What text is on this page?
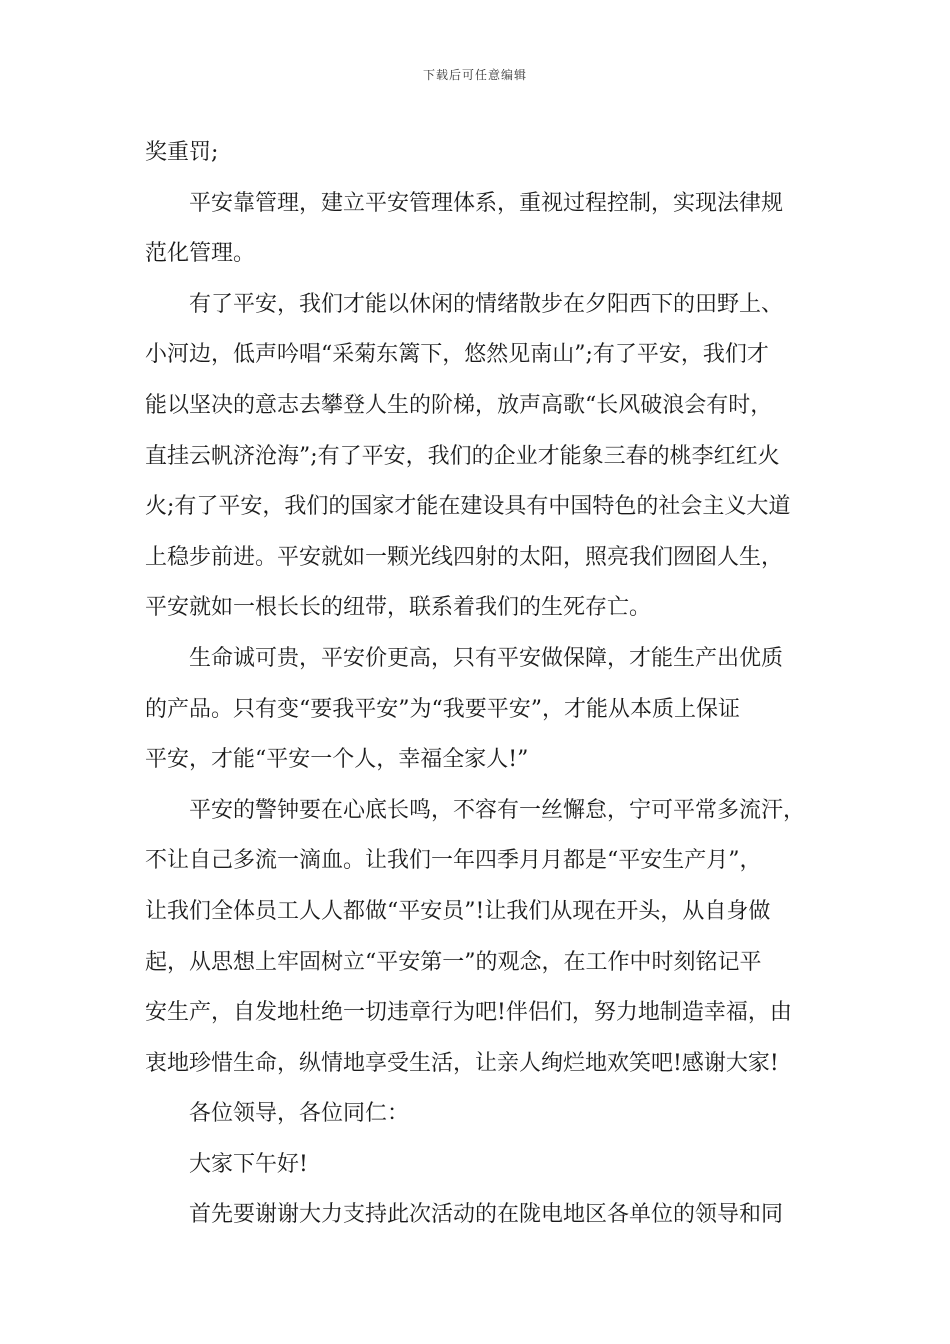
下载后可任意编辑
奖重罚;
平安靠管理，建立平安管理体系，重视过程控制，实现法律规
范化管理。
有了平安，我们才能以休闲的情绪散步在夕阳西下的田野上、
小河边，低声吟唱“采菊东篱下，悠然见南山”;有了平安，我们才
能以坚决的意志去攀登人生的阶梯，放声高歌“长风破浪会有时，
直挂云帆济沧海”;有了平安，我们的企业才能象三春的桃李红红火
火;有了平安，我们的国家才能在建设具有中国特色的社会主义大道
上稳步前进。平安就如一颗光线四射的太阳，照亮我们囫囵人生，
平安就如一根长长的纽带，联系着我们的生死存亡。
生命诚可贵，平安价更高，只有平安做保障，才能生产出优质
的产品。只有变“要我平安”为“我要平安”，才能从本质上保证
平安，才能“平安一个人，幸福全家人!”
平安的警钟要在心底长鸣，不容有一丝懈怠，宁可平常多流汗，
不让自己多流一滴血。让我们一年四季月月都是“平安生产月”，
让我们全体员工人人都做“平安员”!让我们从现在开头，从自身做
起，从思想上牢固树立“平安第一”的观念，在工作中时刻铭记平
安生产，自发地杜绝一切违章行为吧!伴侣们，努力地制造幸福，由
衷地珍惜生命，纵情地享受生活，让亲人绚烂地欢笑吧!感谢大家!
各位领导，各位同仁：
大家下午好!
首先要谢谢大力支持此次活动的在陇电地区各单位的领导和同
